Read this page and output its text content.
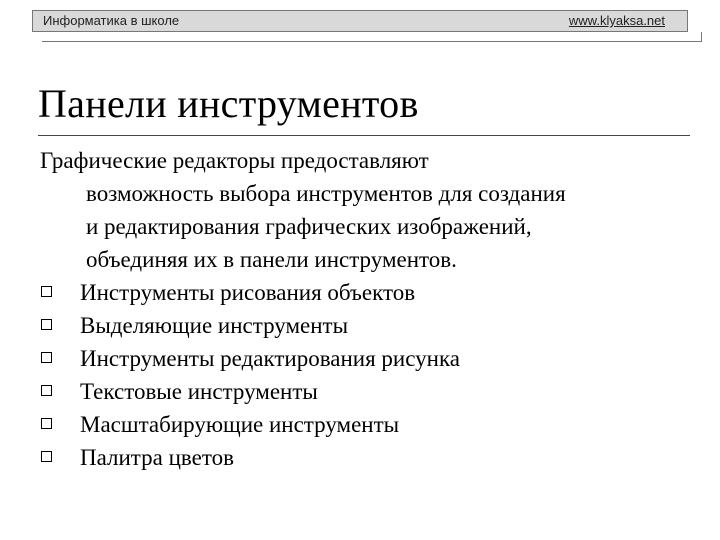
Информатика в школе	www.klyaksa.net
Панели инструментов
Графические редакторы предоставляют
возможность выбора инструментов для создания
и редактирования графических изображений,
объединяя их в панели инструментов.
Инструменты рисования объектов
Выделяющие инструменты
Инструменты редактирования рисунка
Текстовые инструменты
Масштабирующие инструменты
Палитра цветов
